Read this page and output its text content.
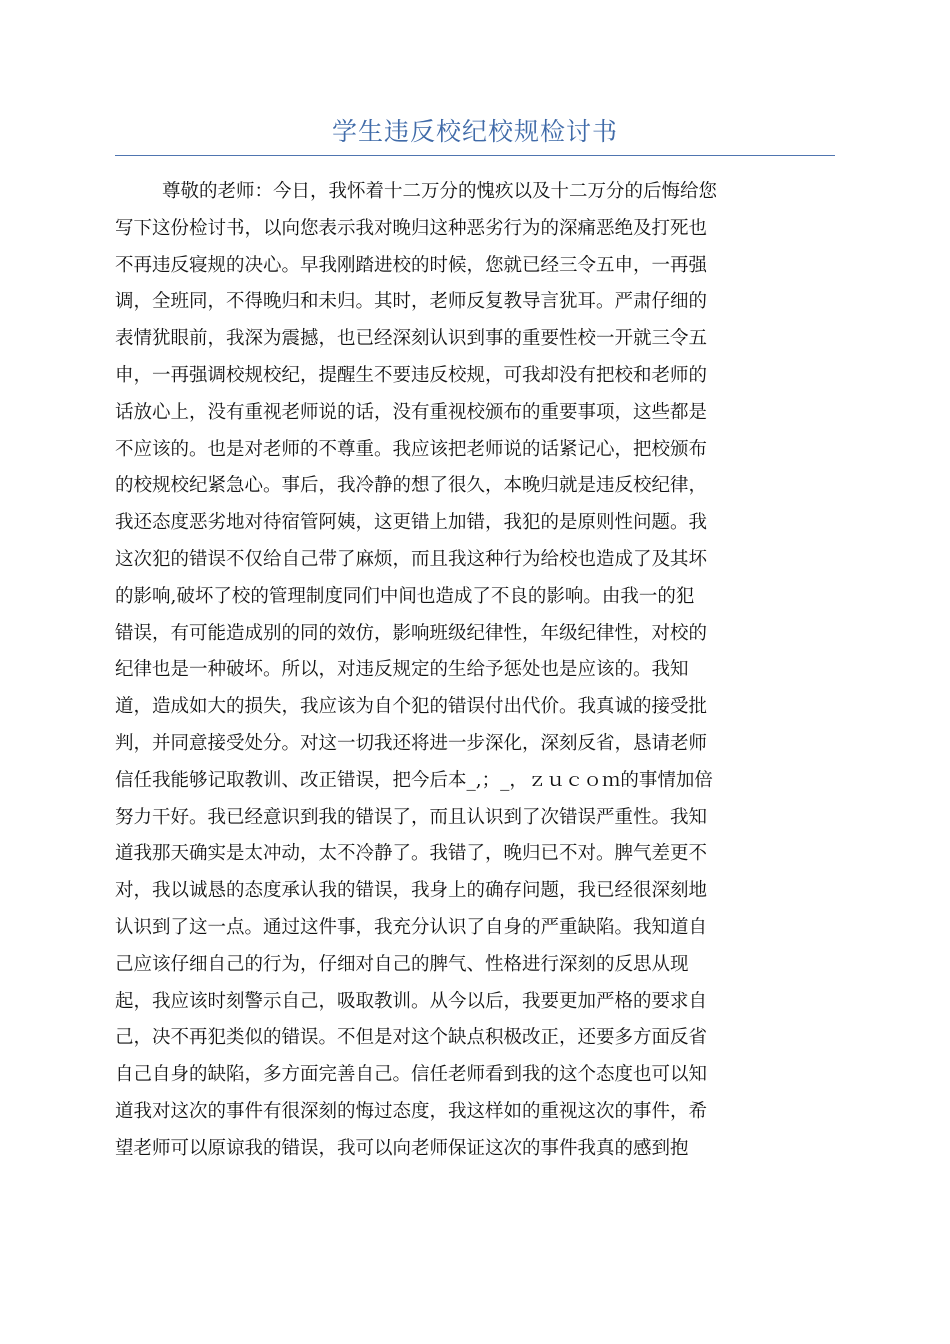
学生违反校纪校规检讨书
尊敬的老师：今日，我怀着十二万分的愧疚以及十二万分的后悔给您
写下这份检讨书，以向您表示我对晚归这种恶劣行为的深痛恶绝及打死也
不再违反寝规的决心。早我刚踏进校的时候，您就已经三令五申，一再强
调，全班同，不得晚归和未归。其时，老师反复教导言犹耳。严肃仔细的
表情犹眼前，我深为震撼，也已经深刻认识到事的重要性校一开就三令五
申，一再强调校规校纪，提醒生不要违反校规，可我却没有把校和老师的
话放心上，没有重视老师说的话，没有重视校颁布的重要事项，这些都是
不应该的。也是对老师的不尊重。我应该把老师说的话紧记心，把校颁布
的校规校纪紧急心。事后，我冷静的想了很久，本晚归就是违反校纪律，
我还态度恶劣地对待宿管阿姨，这更错上加错，我犯的是原则性问题。我
这次犯的错误不仅给自己带了麻烦，而且我这种行为给校也造成了及其坏
的影响,破坏了校的管理制度同们中间也造成了不良的影响。由我一的犯
错误，有可能造成别的同的效仿，影响班级纪律性，年级纪律性，对校的
纪律也是一种破坏。所以，对违反规定的生给予惩处也是应该的。我知
道，造成如大的损失，我应该为自个犯的错误付出代价。我真诚的接受批
判，并同意接受处分。对这一切我还将进一步深化，深刻反省，恳请老师
信任我能够记取教训、改正错误，把今后本_,；_，ｚｕｃｏｍ的事情加倍
努力干好。我已经意识到我的错误了，而且认识到了次错误严重性。我知
道我那天确实是太冲动，太不冷静了。我错了，晚归已不对。脾气差更不
对，我以诚恳的态度承认我的错误，我身上的确存问题，我已经很深刻地
认识到了这一点。通过这件事，我充分认识了自身的严重缺陷。我知道自
己应该仔细自己的行为，仔细对自己的脾气、性格进行深刻的反思从现
起，我应该时刻警示自己，吸取教训。从今以后，我要更加严格的要求自
己，决不再犯类似的错误。不但是对这个缺点积极改正，还要多方面反省
自己自身的缺陷，多方面完善自己。信任老师看到我的这个态度也可以知
道我对这次的事件有很深刻的悔过态度，我这样如的重视这次的事件，希
望老师可以原谅我的错误，我可以向老师保证这次的事件我真的感到抱
